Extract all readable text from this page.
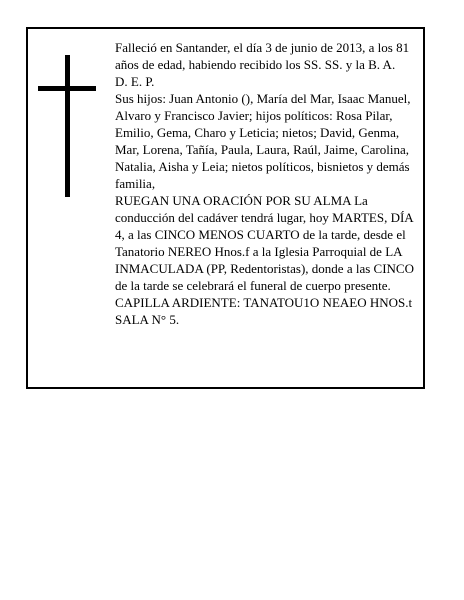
Falleció en Santander, el día 3 de junio de 2013, a los 81 años de edad, habiendo recibido los SS. SS. y la B. A.

D. E. P.

Sus hijos: Juan Antonio (), María del Mar, Isaac Manuel, Alvaro y Francisco Javier; hijos políticos: Rosa Pilar, Emilio, Gema, Charo y Leticia; nietos; David, Genma, Mar, Lorena, Tañía, Paula, Laura, Raúl, Jaime, Carolina, Natalia, Aisha y Leia; nietos políticos, bisnietos y demás familia,

RUEGAN UNA ORACIÓN POR SU ALMA La conducción del cadáver tendrá lugar, hoy MARTES, DÍA 4, a las CINCO MENOS CUARTO de la tarde, desde el Tanatorio NEREO Hnos.f a la Iglesia Parroquial de LA INMACULADA (PP, Redentoristas), donde a las CINCO de la tarde se celebrará el funeral de cuerpo presente. CAPILLA ARDIENTE: TANATOU1O NEAEO HNOS.t SALA N° 5.
